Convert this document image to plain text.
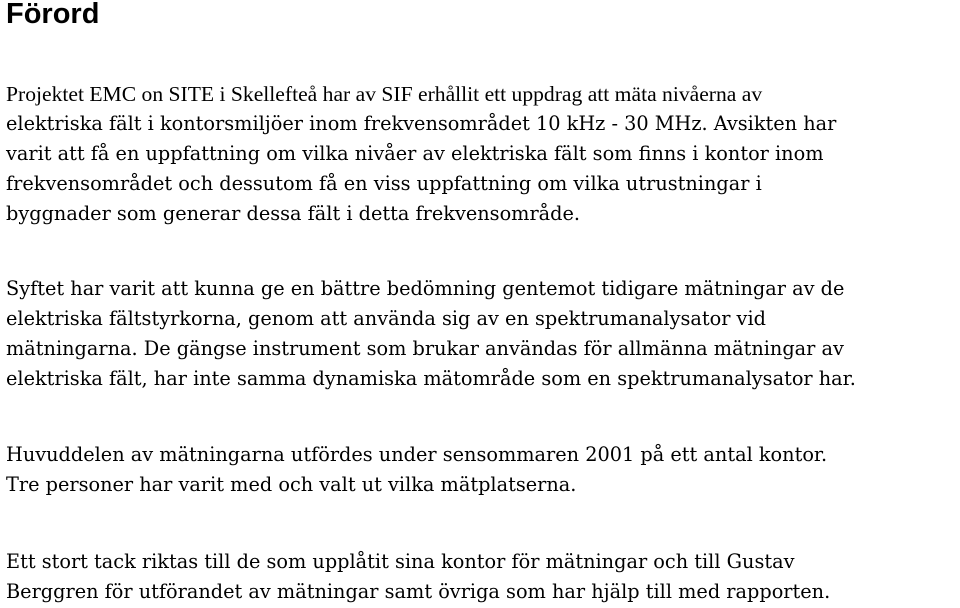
Förord

Projektet EMC on SITE i Skellefteå har av SIF erhållit ett uppdrag att mäta nivåerna av
elektriska fält i kontorsmiljöer inom frekvensområdet 10 kHz - 30 MHz. Avsikten har
varit att få en uppfattning om vilka nivåer av elektriska fält som finns i kontor inom
frekvensområdet och dessutom få en viss uppfattning om vilka utrustningar i
byggnader som generar dessa fält i detta frekvensområde.

Syftet har varit att kunna ge en bättre bedömning gentemot tidigare mätningar av de
elektriska fältstyrkorna, genom att använda sig av en spektrumanalysator vid
mätningarna. De gängse instrument som brukar användas för allmänna mätningar av
elektriska fält, har inte samma dynamiska mätområde som en spektrumanalysator har.

Huvuddelen av mätningarna utfördes under sensommaren 2001 på ett antal kontor.
Tre personer har varit med och valt ut vilka mätplatserna.

Ett stort tack riktas till de som upplåtit sina kontor för mätningar och till Gustav
Berggren för utförandet av mätningar samt övriga som har hjälp till med rapporten.
